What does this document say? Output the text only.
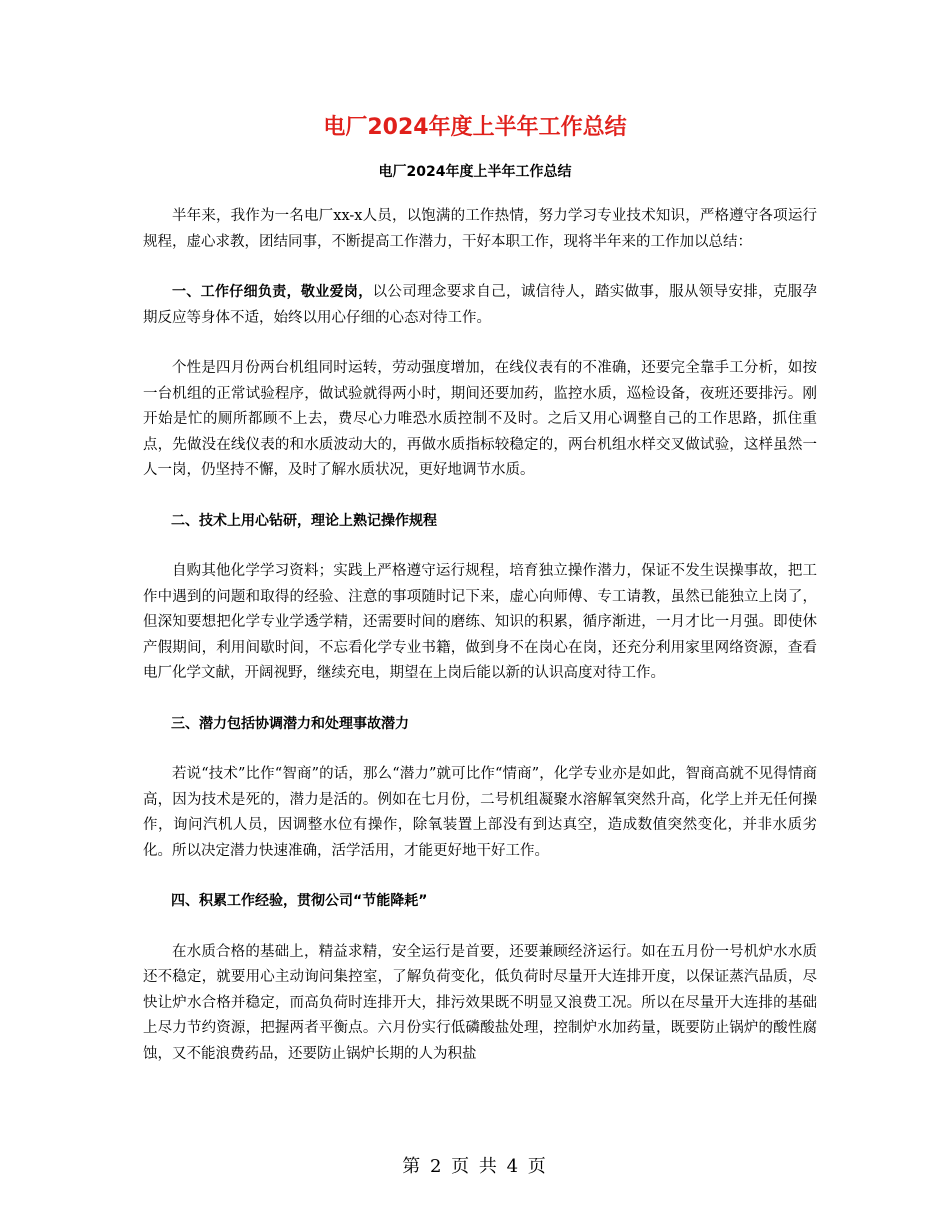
电厂2024年度上半年工作总结
电厂2024年度上半年工作总结

半年来，我作为一名电厂xx-x人员，以饱满的工作热情，努力学习专业技术知识，严格遵守各项运行规程，虚心求教，团结同事，不断提高工作潜力，干好本职工作，现将半年来的工作加以总结：

一、工作仔细负责，敬业爱岗，以公司理念要求自己，诚信待人，踏实做事，服从领导安排，克服孕期反应等身体不适，始终以用心仔细的心态对待工作。

个性是四月份两台机组同时运转，劳动强度增加，在线仪表有的不准确，还要完全靠手工分析，如按一台机组的正常试验程序，做试验就得两小时，期间还要加药，监控水质，巡检设备，夜班还要排污。刚开始是忙的厕所都顾不上去，费尽心力唯恐水质控制不及时。之后又用心调整自己的工作思路，抓住重点，先做没在线仪表的和水质波动大的，再做水质指标较稳定的，两台机组水样交叉做试验，这样虽然一人一岗，仍坚持不懈，及时了解水质状况，更好地调节水质。

二、技术上用心钻研，理论上熟记操作规程

自购其他化学学习资料；实践上严格遵守运行规程，培育独立操作潜力，保证不发生误操事故，把工作中遇到的问题和取得的经验、注意的事项随时记下来，虚心向师傅、专工请教，虽然已能独立上岗了，但深知要想把化学专业学透学精，还需要时间的磨练、知识的积累，循序渐进，一月才比一月强。即使休产假期间，利用间歇时间，不忘看化学专业书籍，做到身不在岗心在岗，还充分利用家里网络资源，查看电厂化学文献，开阔视野，继续充电，期望在上岗后能以新的认识高度对待工作。

三、潜力包括协调潜力和处理事故潜力

若说“技术”比作“智商”的话，那么“潜力”就可比作“情商”，化学专业亦是如此，智商高就不见得情商高，因为技术是死的，潜力是活的。例如在七月份，二号机组凝聚水溶解氧突然升高，化学上并无任何操作，询问汽机人员，因调整水位有操作，除氧装置上部没有到达真空，造成数值突然变化，并非水质劣化。所以决定潜力快速准确，活学活用，才能更好地干好工作。

四、积累工作经验，贯彻公司“节能降耗”

在水质合格的基础上，精益求精，安全运行是首要，还要兼顾经济运行。如在五月份一号机炉水水质还不稳定，就要用心主动询问集控室，了解负荷变化，低负荷时尽量开大连排开度，以保证蒸汽品质，尽快让炉水合格并稳定，而高负荷时连排开大，排污效果既不明显又浪费工况。所以在尽量开大连排的基础上尽力节约资源，把握两者平衡点。六月份实行低磷酸盐处理，控制炉水加药量，既要防止锅炉的酸性腐蚀，又不能浪费药品，还要防止锅炉长期的人为积盐

第 2 页 共 4 页
